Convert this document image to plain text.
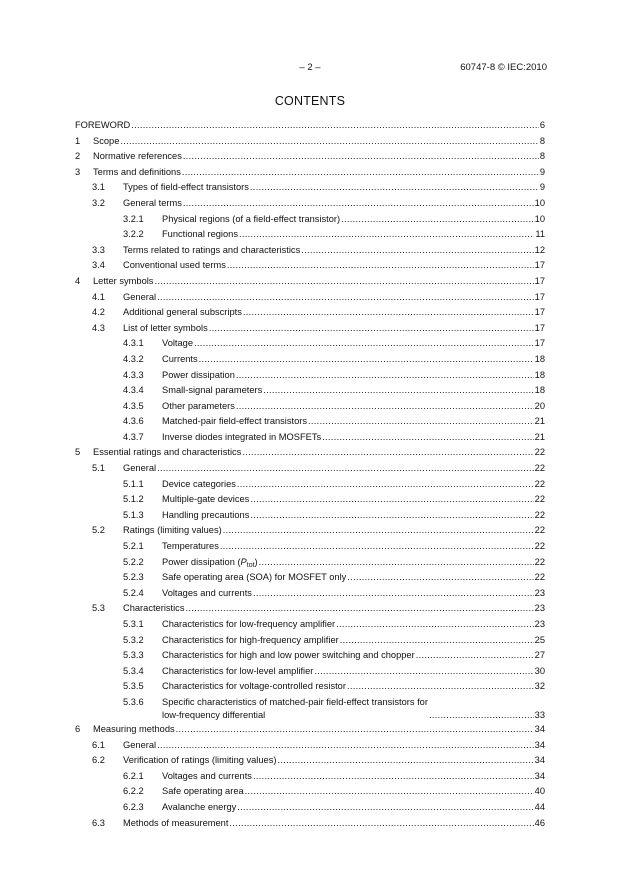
– 2 –	60747-8 © IEC:2010
CONTENTS
FOREWORD .....	6
1 Scope .....	8
2 Normative references .....	8
3 Terms and definitions .....	9
3.1 Types of field-effect transistors .....	9
3.2 General terms .....	10
3.2.1 Physical regions (of a field-effect transistor) .....	10
3.2.2 Functional regions .....	11
3.3 Terms related to ratings and characteristics .....	12
3.4 Conventional used terms .....	17
4 Letter symbols .....	17
4.1 General .....	17
4.2 Additional general subscripts .....	17
4.3 List of letter symbols .....	17
4.3.1 Voltage .....	17
4.3.2 Currents .....	18
4.3.3 Power dissipation .....	18
4.3.4 Small-signal parameters .....	18
4.3.5 Other parameters .....	20
4.3.6 Matched-pair field-effect transistors .....	21
4.3.7 Inverse diodes integrated in MOSFETs .....	21
5 Essential ratings and characteristics .....	22
5.1 General .....	22
5.1.1 Device categories .....	22
5.1.2 Multiple-gate devices .....	22
5.1.3 Handling precautions .....	22
5.2 Ratings (limiting values) .....	22
5.2.1 Temperatures .....	22
5.2.2 Power dissipation $(P_{tot})$ .....	22
5.2.3 Safe operating area (SOA) for MOSFET only .....	22
5.2.4 Voltages and currents .....	23
5.3 Characteristics .....	23
5.3.1 Characteristics for low-frequency amplifier .....	23
5.3.2 Characteristics for high-frequency amplifier .....	25
5.3.3 Characteristics for high and low power switching and chopper .....	27
5.3.4 Characteristics for low-level amplifier .....	30
5.3.5 Characteristics for voltage-controlled resistor .....	32
5.3.6 Specific characteristics of matched-pair field-effect transistors for
low-frequency differential .....	33
6 Measuring methods .....	34
6.1 General .....	34
6.2 Verification of ratings (limiting values) .....	34
6.2.1 Voltages and currents .....	34
6.2.2 Safe operating area .....	40
6.2.3 Avalanche energy .....	44
6.3 Methods of measurement .....	46
